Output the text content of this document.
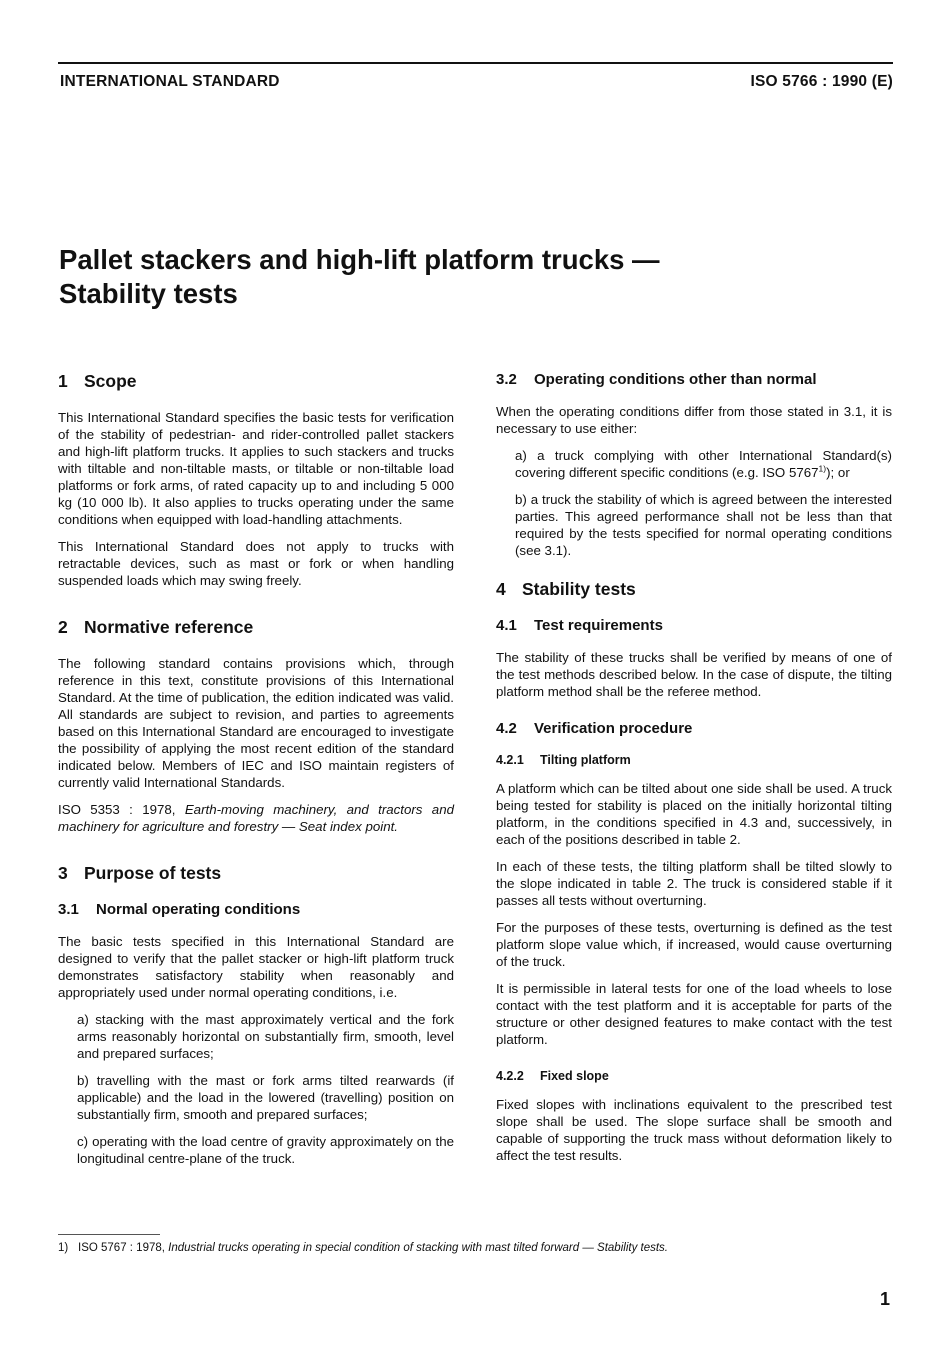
INTERNATIONAL STANDARD	ISO 5766 : 1990 (E)
Pallet stackers and high-lift platform trucks —
Stability tests
1 Scope

This International Standard specifies the basic tests for verification of the stability of pedestrian- and rider-controlled pallet stackers and high-lift platform trucks. It applies to such stackers and trucks with tiltable and non-tiltable masts, or tiltable or non-tiltable load platforms or fork arms, of rated capacity up to and including 5 000 kg (10 000 lb). It also applies to trucks operating under the same conditions when equipped with load-handling attachments.

This International Standard does not apply to trucks with retractable devices, such as mast or fork or when handling suspended loads which may swing freely.

2 Normative reference

The following standard contains provisions which, through reference in this text, constitute provisions of this International Standard. At the time of publication, the edition indicated was valid. All standards are subject to revision, and parties to agreements based on this International Standard are encouraged to investigate the possibility of applying the most recent edition of the standard indicated below. Members of IEC and ISO maintain registers of currently valid International Standards.

ISO 5353 : 1978, Earth-moving machinery, and tractors and machinery for agriculture and forestry — Seat index point.

3 Purpose of tests
3.1 Normal operating conditions

The basic tests specified in this International Standard are designed to verify that the pallet stacker or high-lift platform truck demonstrates satisfactory stability when reasonably and appropriately used under normal operating conditions, i.e.

a) stacking with the mast approximately vertical and the fork arms reasonably horizontal on substantially firm, smooth, level and prepared surfaces;

b) travelling with the mast or fork arms tilted rearwards (if applicable) and the load in the lowered (travelling) position on substantially firm, smooth and prepared surfaces;

c) operating with the load centre of gravity approximately on the longitudinal centre-plane of the truck.

3.2 Operating conditions other than normal

When the operating conditions differ from those stated in 3.1, it is necessary to use either:

a) a truck complying with other International Standard(s) covering different specific conditions (e.g. ISO 5767$^{1)}$); or

b) a truck the stability of which is agreed between the interested parties. This agreed performance shall not be less than that required by the tests specified for normal operating conditions (see 3.1).

4 Stability tests
4.1 Test requirements

The stability of these trucks shall be verified by means of one of the test methods described below. In the case of dispute, the tilting platform method shall be the referee method.

4.2 Verification procedure
4.2.1 Tilting platform

A platform which can be tilted about one side shall be used. A truck being tested for stability is placed on the initially horizontal tilting platform, in the conditions specified in 4.3 and, successively, in each of the positions described in table 2.

In each of these tests, the tilting platform shall be tilted slowly to the slope indicated in table 2. The truck is considered stable if it passes all tests without overturning.

For the purposes of these tests, overturning is defined as the test platform slope value which, if increased, would cause overturning of the truck.

It is permissible in lateral tests for one of the load wheels to lose contact with the test platform and it is acceptable for parts of the structure or other designed features to make contact with the test platform.

4.2.2 Fixed slope

Fixed slopes with inclinations equivalent to the prescribed test slope shall be used. The slope surface shall be smooth and capable of supporting the truck mass without deformation likely to affect the test results.

1) ISO 5767 : 1978, Industrial trucks operating in special condition of stacking with mast tilted forward — Stability tests.
1
